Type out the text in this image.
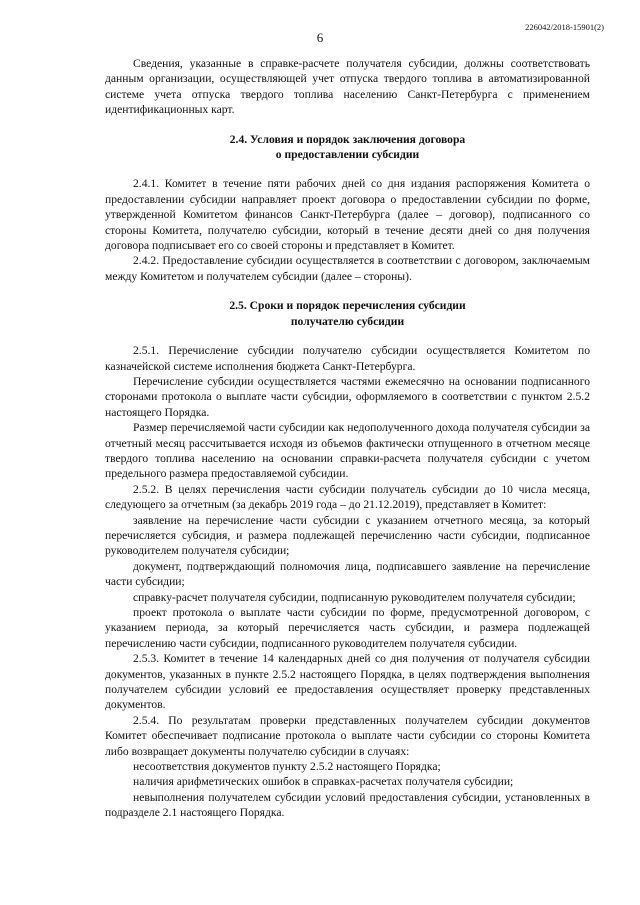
6
226042/2018-15901(2)

Сведения, указанные в справке-расчете получателя субсидии, должны соответствовать данным организации, осуществляющей учет отпуска твердого топлива в автоматизированной системе учета отпуска твердого топлива населению Санкт-Петербурга с применением идентификационных карт.

2.4. Условия и порядок заключения договора
о предоставлении субсидии

2.4.1. Комитет в течение пяти рабочих дней со дня издания распоряжения Комитета о предоставлении субсидии направляет проект договора о предоставлении субсидии по форме, утвержденной Комитетом финансов Санкт-Петербурга (далее – договор), подписанного со стороны Комитета, получателю субсидии, который в течение десяти дней со дня получения договора подписывает его со своей стороны и представляет в Комитет.

2.4.2. Предоставление субсидии осуществляется в соответствии с договором, заключаемым между Комитетом и получателем субсидии (далее – стороны).

2.5. Сроки и порядок перечисления субсидии
получателю субсидии

2.5.1. Перечисление субсидии получателю субсидии осуществляется Комитетом по казначейской системе исполнения бюджета Санкт-Петербурга.

Перечисление субсидии осуществляется частями ежемесячно на основании подписанного сторонами протокола о выплате части субсидии, оформляемого в соответствии с пунктом 2.5.2 настоящего Порядка.

Размер перечисляемой части субсидии как недополученного дохода получателя субсидии за отчетный месяц рассчитывается исходя из объемов фактически отпущенного в отчетном месяце твердого топлива населению на основании справки-расчета получателя субсидии с учетом предельного размера предоставляемой субсидии.

2.5.2. В целях перечисления части субсидии получатель субсидии до 10 числа месяца, следующего за отчетным (за декабрь 2019 года – до 21.12.2019), представляет в Комитет:

заявление на перечисление части субсидии с указанием отчетного месяца, за который перечисляется субсидия, и размера подлежащей перечислению части субсидии, подписанное руководителем получателя субсидии;

документ, подтверждающий полномочия лица, подписавшего заявление на перечисление части субсидии;

справку-расчет получателя субсидии, подписанную руководителем получателя субсидии;

проект протокола о выплате части субсидии по форме, предусмотренной договором, с указанием периода, за который перечисляется часть субсидии, и размера подлежащей перечислению части субсидии, подписанного руководителем получателя субсидии.

2.5.3. Комитет в течение 14 календарных дней со дня получения от получателя субсидии документов, указанных в пункте 2.5.2 настоящего Порядка, в целях подтверждения выполнения получателем субсидии условий ее предоставления осуществляет проверку представленных документов.

2.5.4. По результатам проверки представленных получателем субсидии документов Комитет обеспечивает подписание протокола о выплате части субсидии со стороны Комитета либо возвращает документы получателю субсидии в случаях:

несоответствия документов пункту 2.5.2 настоящего Порядка;

наличия арифметических ошибок в справках-расчетах получателя субсидии;

невыполнения получателем субсидии условий предоставления субсидии, установленных в подразделе 2.1 настоящего Порядка.
